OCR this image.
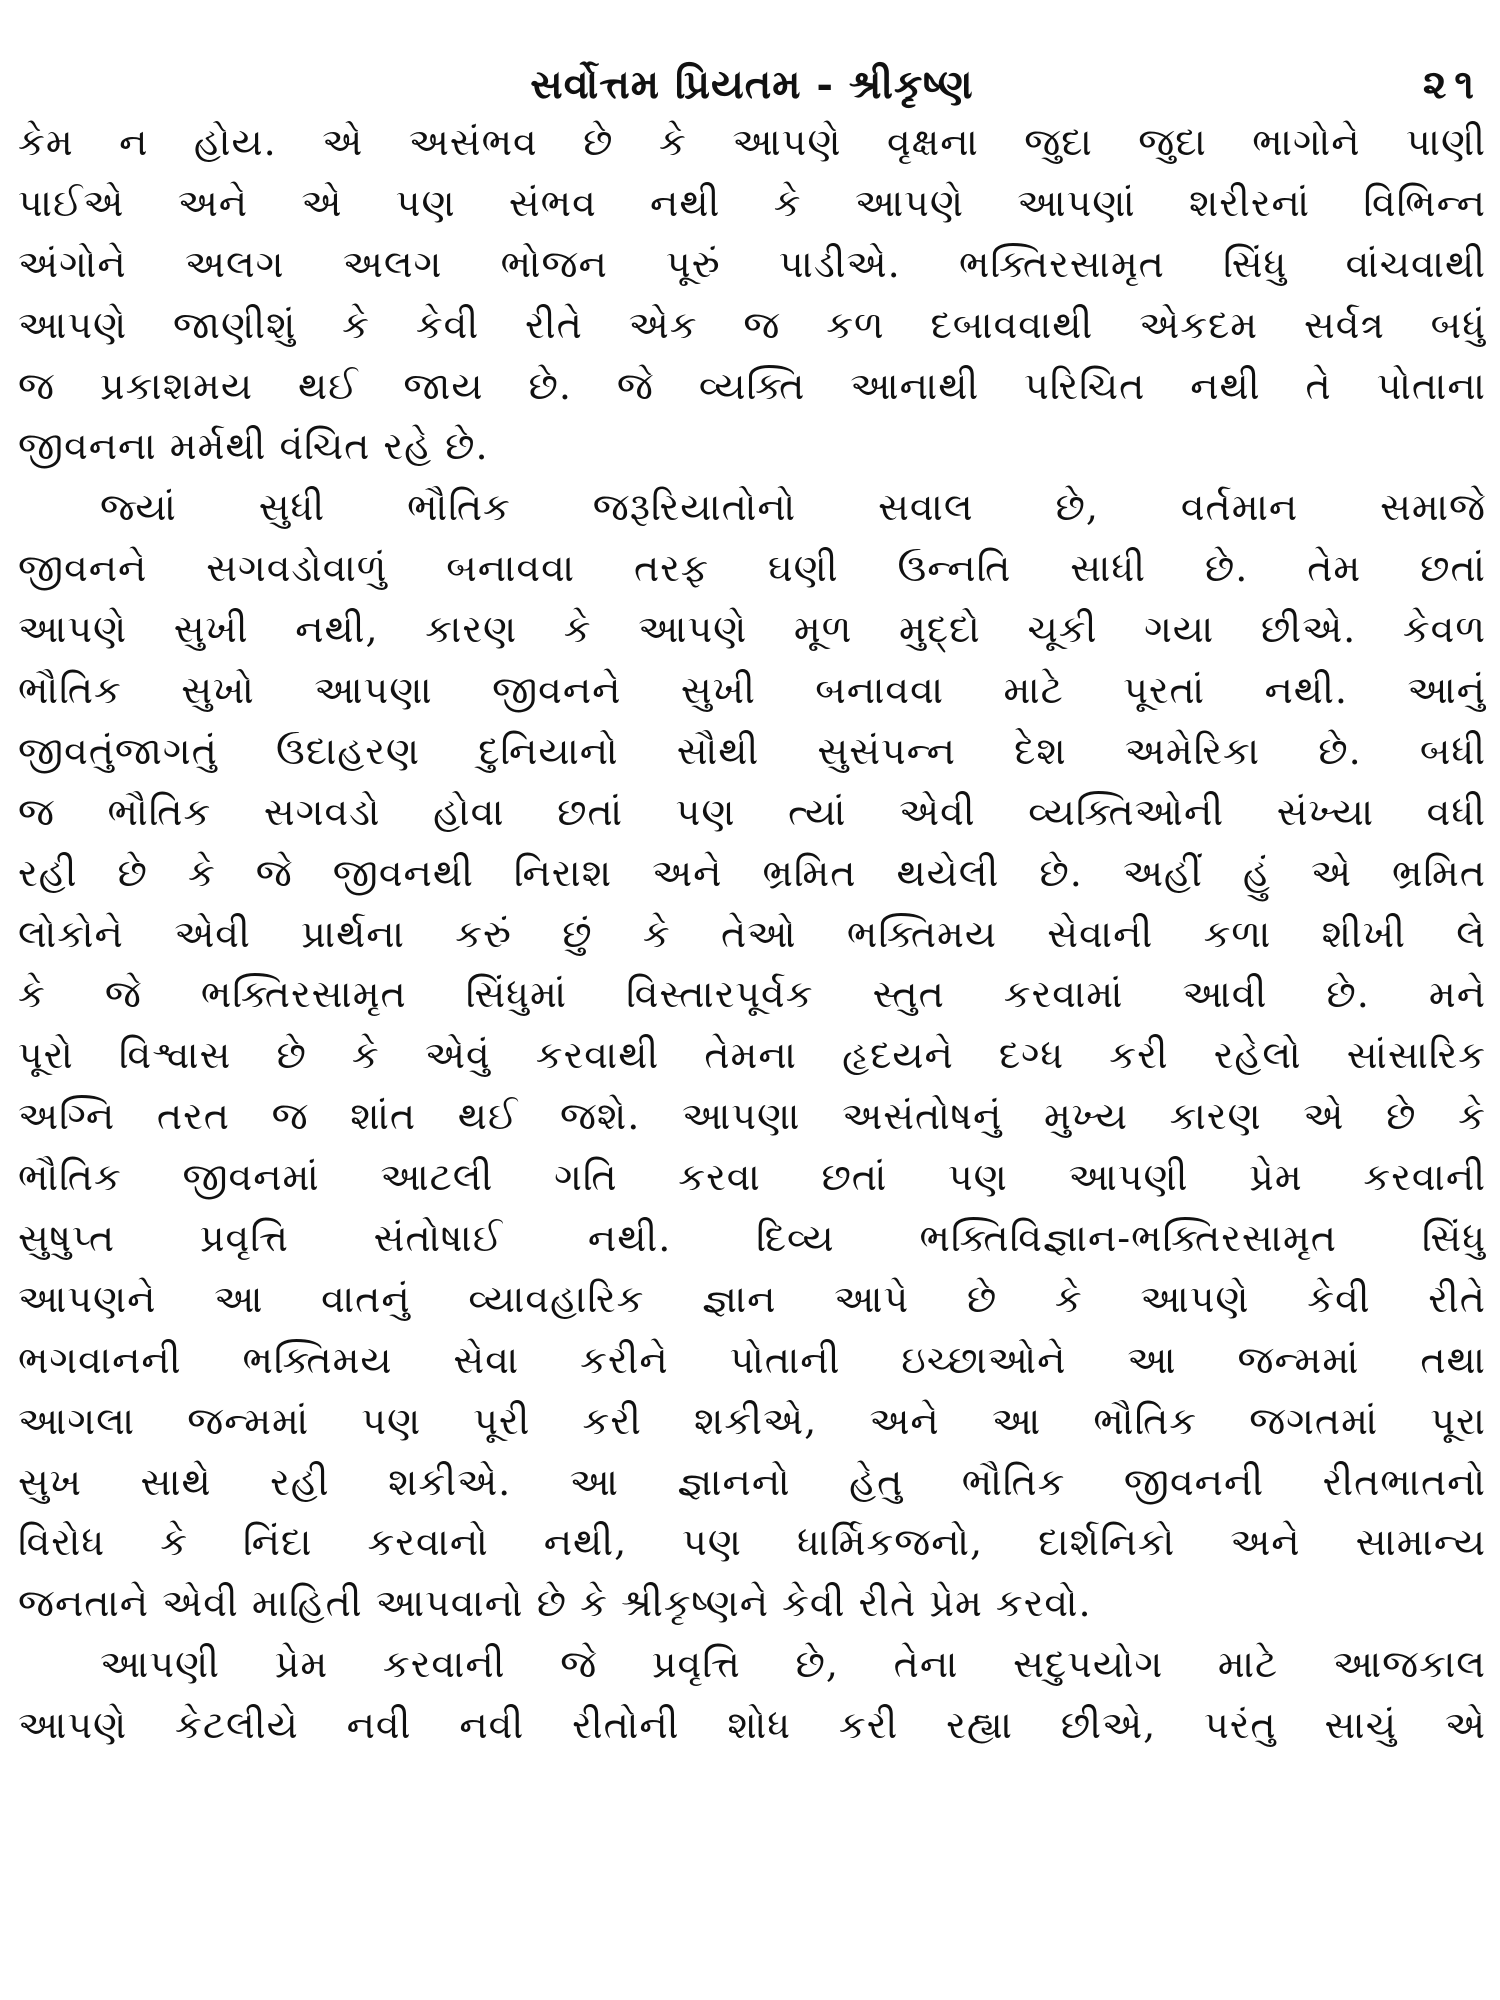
સર્વોત્તમ પ્રિયતમ - શ્રીકૃષ્ણ	૨૧
કેમ ન હોય. એ અસંભવ છે કે આપણે વૃક્ષના જુદા જુદા ભાગોને પાણી
પાઈએ અને એ પણ સંભવ નથી કે આપણે આપણાં શરીરનાં વિભિન્ન
અંગોને અલગ અલગ ભોજન પૂરું પાડીએ. ભક્તિરસામૃત સિંધુ વાંચવાથી
આપણે જાણીશું કે કેવી રીતે એક જ કળ દબાવવાથી એકદમ સર્વત્ર બધું
જ પ્રકાશમય થઈ જાય છે. જે વ્યક્તિ આનાથી પરિચિત નથી તે પોતાના
જીવનના મર્મથી વંચિત રહે છે.
જ્યાં સુધી ભૌતિક જરૂરિયાતોનો સવાલ છે, વર્તમાન સમાજે
જીવનને સગવડોવાળું બનાવવા તરફ ઘણી ઉન્નતિ સાધી છે. તેમ છતાં
આપણે સુખી નથી, કારણ કે આપણે મૂળ મુદ્દો ચૂકી ગયા છીએ. કેવળ
ભૌતિક સુખો આપણા જીવનને સુખી બનાવવા માટે પૂરતાં નથી. આનું
જીવતુંજાગતું ઉદાહરણ દુનિયાનો સૌથી સુસંપન્ન દેશ અમેરિકા છે. બધી
જ ભૌતિક સગવડો હોવા છતાં પણ ત્યાં એવી વ્યક્તિઓની સંખ્યા વધી
રહી છે કે જે જીવનથી નિરાશ અને ભ્રમિત થયેલી છે. અહીં હું એ ભ્રમિત
લોકોને એવી પ્રાર્થના કરું છું કે તેઓ ભક્તિમય સેવાની કળા શીખી લે
કે જે ભક્તિરસામૃત સિંધુમાં વિસ્તારપૂર્વક સ્તુત કરવામાં આવી છે. મને
પૂરો વિશ્વાસ છે કે એવું કરવાથી તેમના હૃદયને દગ્ધ કરી રહેલો સાંસારિક
અગ્નિ તરત જ શાંત થઈ જશે. આપણા અસંતોષનું મુખ્ય કારણ એ છે કે
ભૌતિક જીવનમાં આટલી ગતિ કરવા છતાં પણ આપણી પ્રેમ કરવાની
સુષુપ્ત પ્રવૃત્તિ સંતોષાઈ નથી. દિવ્ય ભક્તિવિજ્ઞાન-ભક્તિરસામૃત સિંધુ
આપણને આ વાતનું વ્યાવહારિક જ્ઞાન આપે છે કે આપણે કેવી રીતે
ભગવાનની ભક્તિમય સેવા કરીને પોતાની ઇચ્છાઓને આ જન્મમાં તથા
આગલા જન્મમાં પણ પૂરી કરી શકીએ, અને આ ભૌતિક જગતમાં પૂરા
સુખ સાથે રહી શકીએ. આ જ્ઞાનનો હેતુ ભૌતિક જીવનની રીતભાતનો
વિરોધ કે નિંદા કરવાનો નથી, પણ ધાર્મિકજનો, દાર્શનિકો અને સામાન્ય
જનતાને એવી માહિતી આપવાનો છે કે શ્રીકૃષ્ણને કેવી રીતે પ્રેમ કરવો.
આપણી પ્રેમ કરવાની જે પ્રવૃત્તિ છે, તેના સદુપયોગ માટે આજકાલ
આપણે કેટલીયે નવી નવી રીતોની શોધ કરી રહ્યા છીએ, પરંતુ સાચું એ
